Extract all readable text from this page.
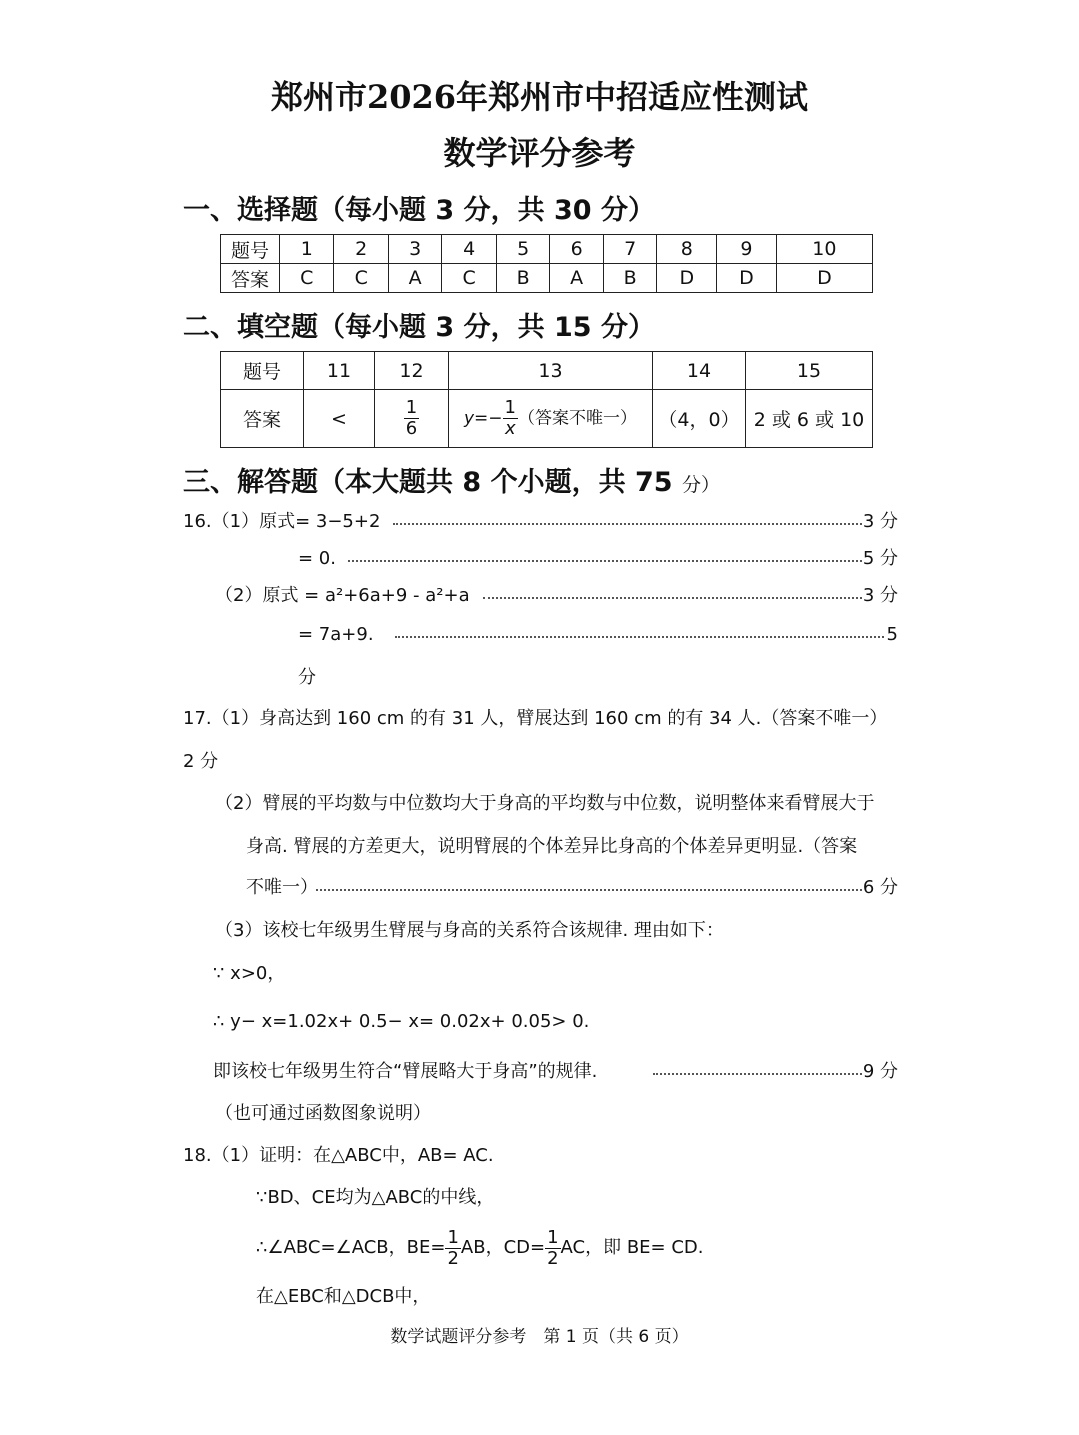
郑州市2026年郑州市中招适应性测试
数学评分参考
一、选择题（每小题 3 分，共 30 分）
题号	1	2	3	4	5	6	7	8	9	10
答案	C	C	A	C	B	A	B	D	D	D
二、填空题（每小题 3 分，共 15 分）
题号	11	12	13	14	15
答案	<	$\frac{1}{6}$	$y=- \frac{1}{x}$ （答案不唯一）	（4，0）	2 或 6 或 10
三、解答题（本大题共 8 个小题，共 75 分）
16.（1）原式= 3−5+2	3 分
= 0.	5 分
（2）原式 = a²+6a+9 - a²+a	3 分
= 7a+9.	5
分
17.（1）身高达到 160 cm 的有 31 人，臂展达到 160 cm 的有 34 人.（答案不唯一）
2 分
（2）臂展的平均数与中位数均大于身高的平均数与中位数，说明整体来看臂展大于
身高. 臂展的方差更大，说明臂展的个体差异比身高的个体差异更明显.（答案
不唯一）	6 分
（3）该校七年级男生臂展与身高的关系符合该规律. 理由如下：
∵ x>0，
∴ y− x=1.02x+ 0.5− x= 0.02x+ 0.05> 0.
即该校七年级男生符合“臂展略大于身高”的规律.	9 分
（也可通过函数图象说明）
18.（1）证明：在△ABC中，AB= AC.
∵BD、CE均为△ABC的中线，
∴∠ABC=∠ACB，$BE= \frac{1}{2}$ AB，$CD= \frac{1}{2}$ AC，即 BE= CD.
在△EBC和△DCB中，
数学试题评分参考　第 1 页（共 6 页）
